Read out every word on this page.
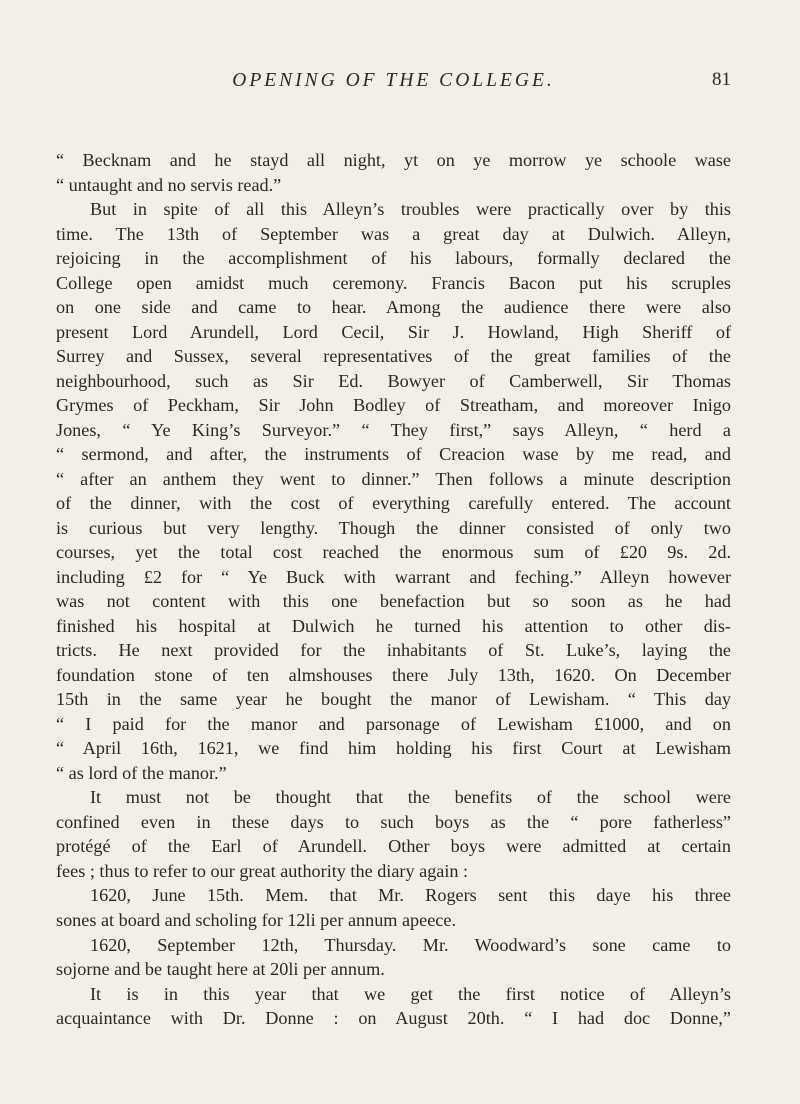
OPENING OF THE COLLEGE.	81
“ Becknam and he stayd all night, yt on ye morrow ye schoole wase
“ untaught and no servis read.”
But in spite of all this Alleyn’s troubles were practically over by this
time. The 13th of September was a great day at Dulwich. Alleyn,
rejoicing in the accomplishment of his labours, formally declared the
College open amidst much ceremony. Francis Bacon put his scruples
on one side and came to hear. Among the audience there were also
present Lord Arundell, Lord Cecil, Sir J. Howland, High Sheriff of
Surrey and Sussex, several representatives of the great families of the
neighbourhood, such as Sir Ed. Bowyer of Camberwell, Sir Thomas
Grymes of Peckham, Sir John Bodley of Streatham, and moreover Inigo
Jones, “ Ye King’s Surveyor.” “ They first,” says Alleyn, “ herd a
“ sermond, and after, the instruments of Creacion wase by me read, and
“ after an anthem they went to dinner.” Then follows a minute description
of the dinner, with the cost of everything carefully entered. The account
is curious but very lengthy. Though the dinner consisted of only two
courses, yet the total cost reached the enormous sum of £20 9s. 2d.
including £2 for “ Ye Buck with warrant and feching.” Alleyn however
was not content with this one benefaction but so soon as he had
finished his hospital at Dulwich he turned his attention to other dis-
tricts. He next provided for the inhabitants of St. Luke’s, laying the
foundation stone of ten almshouses there July 13th, 1620. On December
15th in the same year he bought the manor of Lewisham. “ This day
“ I paid for the manor and parsonage of Lewisham £1000, and on
“ April 16th, 1621, we find him holding his first Court at Lewisham
“ as lord of the manor.”
It must not be thought that the benefits of the school were
confined even in these days to such boys as the “ pore fatherless”
protégé of the Earl of Arundell. Other boys were admitted at certain
fees ; thus to refer to our great authority the diary again :
1620, June 15th. Mem. that Mr. Rogers sent this daye his three
sones at board and scholing for 12li per annum apeece.
1620, September 12th, Thursday. Mr. Woodward’s sone came to
sojorne and be taught here at 20li per annum.
It is in this year that we get the first notice of Alleyn’s
acquaintance with Dr. Donne : on August 20th. “ I had doc Donne,”
